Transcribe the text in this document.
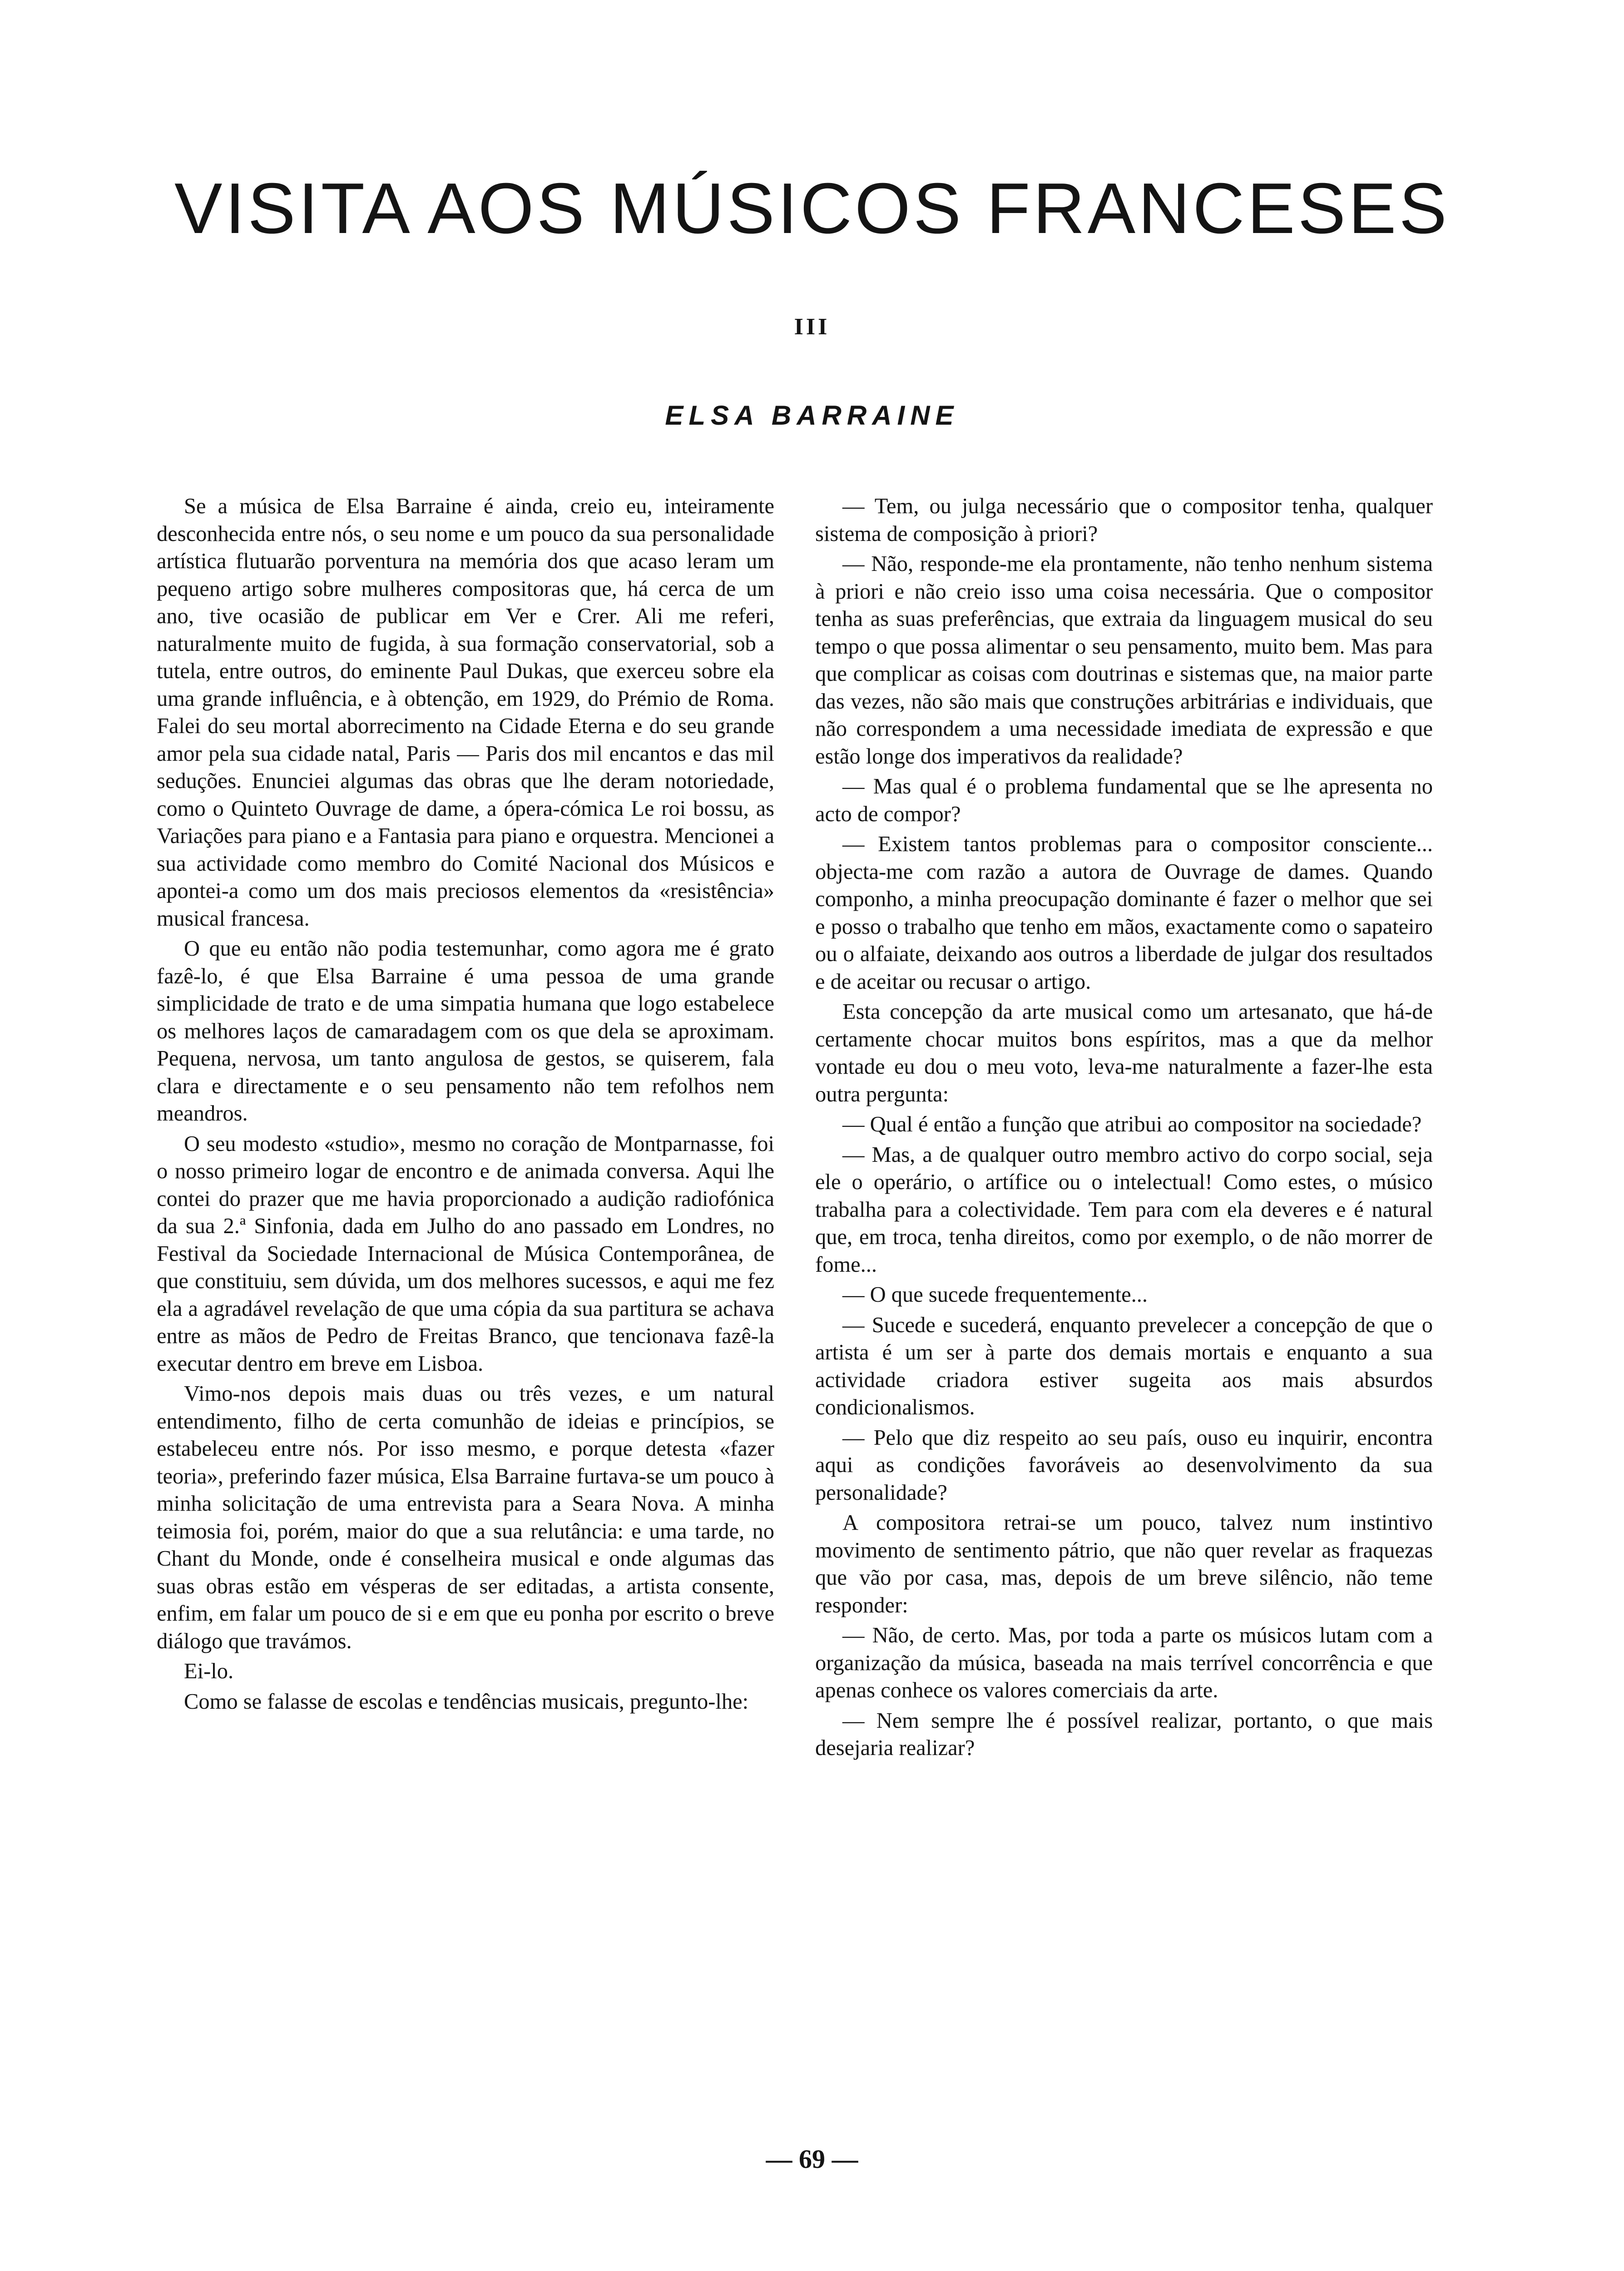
VISITA AOS MÚSICOS FRANCESES
III
ELSA BARRAINE

Se a música de Elsa Barraine é ainda, creio eu, inteiramente desconhecida entre nós, o seu nome e um pouco da sua personalidade artística flutuarão porventura na memória dos que acaso leram um pequeno artigo sobre mulheres compositoras que, há cerca de um ano, tive ocasião de publicar em Ver e Crer. Ali me referi, naturalmente muito de fugida, à sua formação conservatorial, sob a tutela, entre outros, do eminente Paul Dukas, que exerceu sobre ela uma grande influência, e à obtenção, em 1929, do Prémio de Roma. Falei do seu mortal aborrecimento na Cidade Eterna e do seu grande amor pela sua cidade natal, Paris — Paris dos mil encantos e das mil seduções. Enunciei algumas das obras que lhe deram notoriedade, como o Quinteto Ouvrage de dame, a ópera-cómica Le roi bossu, as Variações para piano e a Fantasia para piano e orquestra. Mencionei a sua actividade como membro do Comité Nacional dos Músicos e apontei-a como um dos mais preciosos elementos da «resistência» musical francesa.

O que eu então não podia testemunhar, como agora me é grato fazê-lo, é que Elsa Barraine é uma pessoa de uma grande simplicidade de trato e de uma simpatia humana que logo estabelece os melhores laços de camaradagem com os que dela se aproximam. Pequena, nervosa, um tanto angulosa de gestos, se quiserem, fala clara e directamente e o seu pensamento não tem refolhos nem meandros.

O seu modesto «studio», mesmo no coração de Montparnasse, foi o nosso primeiro logar de encontro e de animada conversa. Aqui lhe contei do prazer que me havia proporcionado a audição radiofónica da sua 2.ª Sinfonia, dada em Julho do ano passado em Londres, no Festival da Sociedade Internacional de Música Contemporânea, de que constituiu, sem dúvida, um dos melhores sucessos, e aqui me fez ela a agradável revelação de que uma cópia da sua partitura se achava entre as mãos de Pedro de Freitas Branco, que tencionava fazê-la executar dentro em breve em Lisboa.

Vimo-nos depois mais duas ou três vezes, e um natural entendimento, filho de certa comunhão de ideias e princípios, se estabeleceu entre nós. Por isso mesmo, e porque detesta «fazer teoria», preferindo fazer música, Elsa Barraine furtava-se um pouco à minha solicitação de uma entrevista para a Seara Nova. A minha teimosia foi, porém, maior do que a sua relutância: e uma tarde, no Chant du Monde, onde é conselheira musical e onde algumas das suas obras estão em vésperas de ser editadas, a artista consente, enfim, em falar um pouco de si e em que eu ponha por escrito o breve diálogo que travámos.

Ei-lo.

Como se falasse de escolas e tendências musicais, pregunto-lhe:

— Tem, ou julga necessário que o compositor tenha, qualquer sistema de composição à priori?

— Não, responde-me ela prontamente, não tenho nenhum sistema à priori e não creio isso uma coisa necessária. Que o compositor tenha as suas preferências, que extraia da linguagem musical do seu tempo o que possa alimentar o seu pensamento, muito bem. Mas para que complicar as coisas com doutrinas e sistemas que, na maior parte das vezes, não são mais que construções arbitrárias e individuais, que não correspondem a uma necessidade imediata de expressão e que estão longe dos imperativos da realidade?

— Mas qual é o problema fundamental que se lhe apresenta no acto de compor?

— Existem tantos problemas para o compositor consciente... objecta-me com razão a autora de Ouvrage de dames. Quando componho, a minha preocupação dominante é fazer o melhor que sei e posso o trabalho que tenho em mãos, exactamente como o sapateiro ou o alfaiate, deixando aos outros a liberdade de julgar dos resultados e de aceitar ou recusar o artigo.

Esta concepção da arte musical como um artesanato, que há-de certamente chocar muitos bons espíritos, mas a que da melhor vontade eu dou o meu voto, leva-me naturalmente a fazer-lhe esta outra pergunta:

— Qual é então a função que atribui ao compositor na sociedade?

— Mas, a de qualquer outro membro activo do corpo social, seja ele o operário, o artífice ou o intelectual! Como estes, o músico trabalha para a colectividade. Tem para com ela deveres e é natural que, em troca, tenha direitos, como por exemplo, o de não morrer de fome...

— O que sucede frequentemente...

— Sucede e sucederá, enquanto prevelecer a concepção de que o artista é um ser à parte dos demais mortais e enquanto a sua actividade criadora estiver sugeita aos mais absurdos condicionalismos.

— Pelo que diz respeito ao seu país, ouso eu inquirir, encontra aqui as condições favoráveis ao desenvolvimento da sua personalidade?

A compositora retrai-se um pouco, talvez num instintivo movimento de sentimento pátrio, que não quer revelar as fraquezas que vão por casa, mas, depois de um breve silêncio, não teme responder:

— Não, de certo. Mas, por toda a parte os músicos lutam com a organização da música, baseada na mais terrível concorrência e que apenas conhece os valores comerciais da arte.

— Nem sempre lhe é possível realizar, portanto, o que mais desejaria realizar?

— 69 —
